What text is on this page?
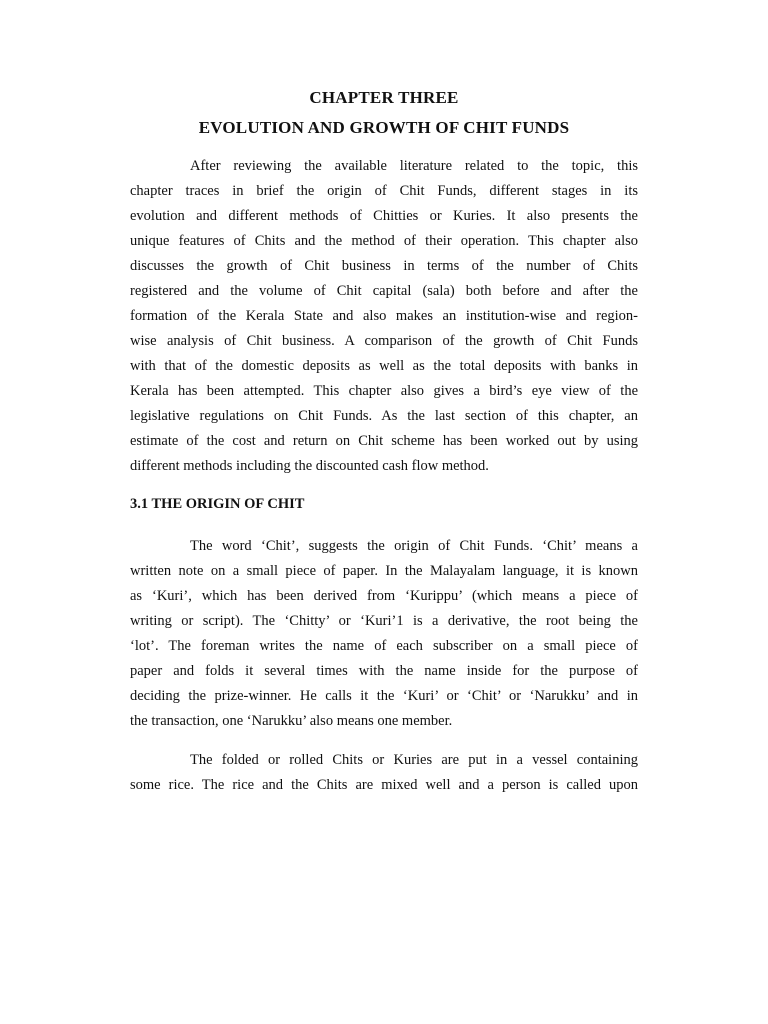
CHAPTER THREE
EVOLUTION AND GROWTH OF CHIT FUNDS
After reviewing the available literature related to the topic, this
chapter traces in brief the origin of Chit Funds, different stages in its
evolution and different methods of Chitties or Kuries. It also presents the
unique features of Chits and the method of their operation. This chapter also
discusses the growth of Chit business in terms of the number of Chits
registered and the volume of Chit capital (sala) both before and after the
formation of the Kerala State and also makes an institution-wise and region-
wise analysis of Chit business. A comparison of the growth of Chit Funds
with that of the domestic deposits as well as the total deposits with banks in
Kerala has been attempted. This chapter also gives a bird’s eye view of the
legislative regulations on Chit Funds. As the last section of this chapter, an
estimate of the cost and return on Chit scheme has been worked out by using
different methods including the discounted cash flow method.
3.1 THE ORIGIN OF CHIT
The word ‘Chit’, suggests the origin of Chit Funds. ‘Chit’ means a
written note on a small piece of paper. In the Malayalam language, it is known
as ‘Kuri’, which has been derived from ‘Kurippu’ (which means a piece of
writing or script). The ‘Chitty’ or ‘Kuri’1 is a derivative, the root being the
‘lot’. The foreman writes the name of each subscriber on a small piece of
paper and folds it several times with the name inside for the purpose of
deciding the prize-winner. He calls it the ‘Kuri’ or ‘Chit’ or ‘Narukku’ and in
the transaction, one ‘Narukku’ also means one member.
The folded or rolled Chits or Kuries are put in a vessel containing
some rice. The rice and the Chits are mixed well and a person is called upon
